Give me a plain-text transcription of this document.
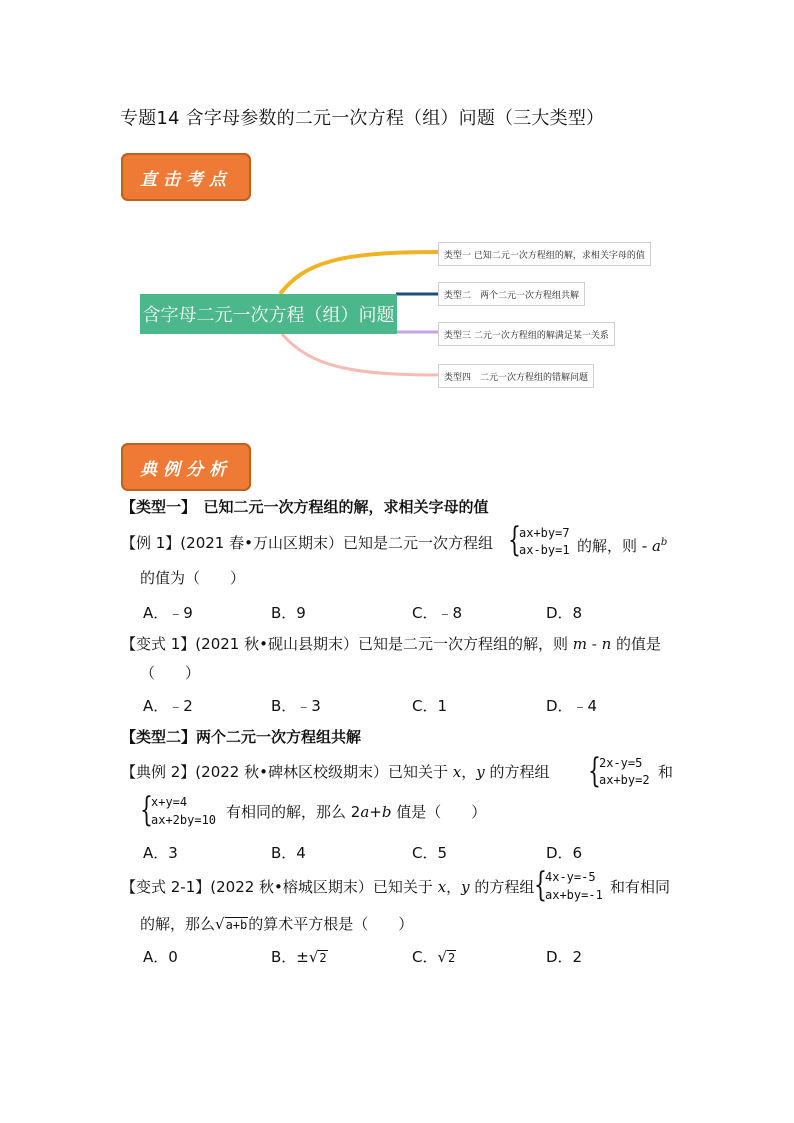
专题14 含字母参数的二元一次方程（组）问题（三大类型）
直击考点
含字母二元一次方程（组）问题
类型一 已知二元一次方程组的解，求相关字母的值
类型二　两个二元一次方程组共解
类型三 二元一次方程组的解满足某一关系
类型四　二元一次方程组的错解问题
典例分析
【类型一】　已知二元一次方程组的解，求相关字母的值
【例 1】(2021 春•万山区期末）已知是二元一次方程组 {
ax+by=7
ax-by=1 的解，则 - $a^b$
的值为（　　）
A．﹣9	B．9	C．﹣8	D．8
【变式 1】(2021 秋•砚山县期末）已知是二元一次方程组的解，则 m - n 的值是
（　　）
A．﹣2	B．﹣3	C．1	D．﹣4
【类型二】两个二元一次方程组共解
【典例 2】(2022 秋•碑林区校级期末）已知关于 x，y 的方程组 {
2x-y=5
ax+by=2 和
{
x+y=4
ax+2by=10 有相同的解，那么 2a+b 值是（　　）
A．3	B．4	C．5	D．6
【变式 2-1】(2022 秋•榕城区期末）已知关于 x，y 的方程组 {
4x-y=-5
ax+by=-1 和有相同
的解，那么√a+b的算术平方根是（　　）
A．0	B．±√2	C．√2	D．2
